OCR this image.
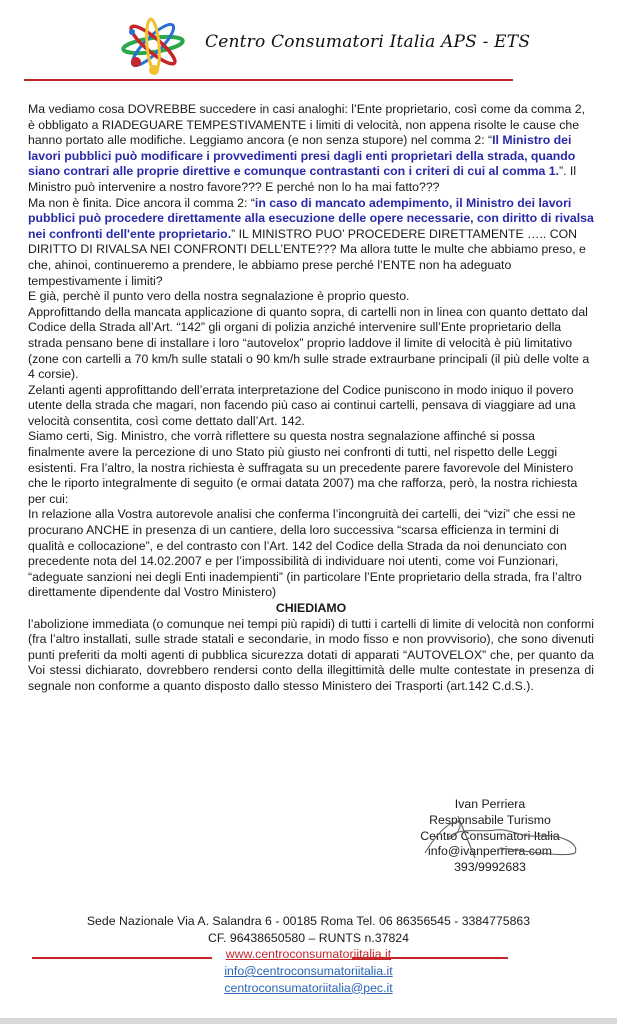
Centro Consumatori Italia APS - ETS

Ma vediamo cosa DOVREBBE succedere in casi analoghi: l’Ente proprietario, così come da comma 2, è obbligato a RIADEGUARE TEMPESTIVAMENTE i limiti di velocità, non appena risolte le cause che hanno portato alle modifiche. Leggiamo ancora (e non senza stupore) nel comma 2: “Il Ministro dei lavori pubblici può modificare i provvedimenti presi dagli enti proprietari della strada, quando siano contrari alle proprie direttive e comunque contrastanti con i criteri di cui al comma 1.”. Il Ministro può intervenire a nostro favore??? E perché non lo ha mai fatto???

Ma non è finita. Dice ancora il comma 2: “in caso di mancato adempimento, il Ministro dei lavori pubblici può procedere direttamente alla esecuzione delle opere necessarie, con diritto di rivalsa nei confronti dell'ente proprietario.” IL MINISTRO PUO’ PROCEDERE DIRETTAMENTE ….. CON DIRITTO DI RIVALSA NEI CONFRONTI DELL’ENTE??? Ma allora tutte le multe che abbiamo preso, e che, ahinoi, continueremo a prendere, le abbiamo prese perché l’ENTE non ha adeguato tempestivamente i limiti?

E già, perchè il punto vero della nostra segnalazione è proprio questo.

Approfittando della mancata applicazione di quanto sopra, di cartelli non in linea con quanto dettato dal Codice della Strada all’Art. “142” gli organi di polizia anziché intervenire sull’Ente proprietario della strada pensano bene di installare i loro “autovelox” proprio laddove il limite di velocità è più limitativo (zone con cartelli a 70 km/h sulle statali o 90 km/h sulle strade extraurbane principali (il più delle volte a 4 corsie).

Zelanti agenti approfittando dell’errata interpretazione del Codice puniscono in modo iniquo il povero utente della strada che magari, non facendo più caso ai continui cartelli, pensava di viaggiare ad una velocità consentita, così come dettato dall’Art. 142.

Siamo certi, Sig. Ministro, che vorrà riflettere su questa nostra segnalazione affinché si possa finalmente avere la percezione di uno Stato più giusto nei confronti di tutti, nel rispetto delle Leggi esistenti. Fra l’altro, la nostra richiesta è suffragata su un precedente parere favorevole del Ministero che le riporto integralmente di seguito (e ormai datata 2007) ma che rafforza, però, la nostra richiesta per cui:

In relazione alla Vostra autorevole analisi che conferma l’incongruità dei cartelli, dei “vizi” che essi ne procurano ANCHE in presenza di un cantiere, della loro successiva “scarsa efficienza in termini di qualità e collocazione”, e del contrasto con l’Art. 142 del Codice della Strada da noi denunciato con precedente nota del 14.02.2007 e per l’impossibilità di individuare noi utenti, come voi Funzionari, “adeguate sanzioni nei degli Enti inadempienti” (in particolare l’Ente proprietario della strada, fra l’altro direttamente dipendente dal Vostro Ministero)

CHIEDIAMO

l’abolizione immediata (o comunque nei tempi più rapidi) di tutti i cartelli di limite di velocità non conformi (fra l’altro installati, sulle strade statali e secondarie, in modo fisso e non provvisorio), che sono divenuti punti preferiti da molti agenti di pubblica sicurezza dotati di apparati “AUTOVELOX” che, per quanto da Voi stessi dichiarato, dovrebbero rendersi conto della illegittimità delle multe contestate in presenza di segnale non conforme a quanto disposto dallo stesso Ministero dei Trasporti (art.142 C.d.S.).

Ivan Perriera
Responsabile Turismo
Centro Consumatori Italia
info@ivanperriera.com
393/9992683
Sede Nazionale Via A. Salandra 6 - 00185 Roma Tel. 06 86356545 - 3384775863
CF. 96438650580 – RUNTS n.37824
www.centroconsumatoriitalia.it
info@centroconsumatoriitalia.it
centroconsumatoriitalia@pec.it
